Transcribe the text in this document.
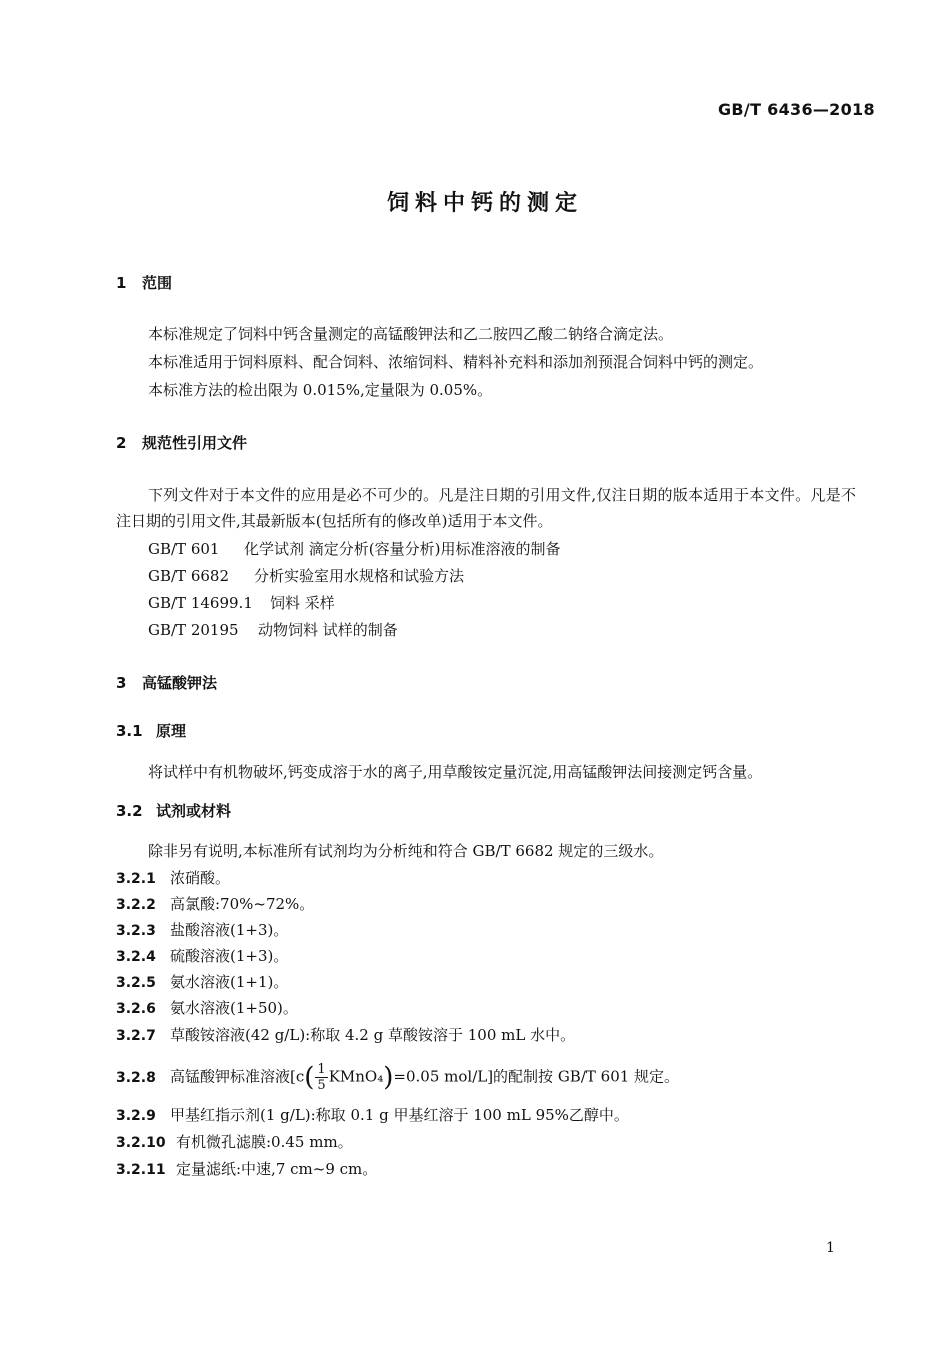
GB/T 6436—2018
饲料中钙的测定
1 范围
本标准规定了饲料中钙含量测定的高锰酸钾法和乙二胺四乙酸二钠络合滴定法。
本标准适用于饲料原料、配合饲料、浓缩饲料、精料补充料和添加剂预混合饲料中钙的测定。
本标准方法的检出限为 0.015%,定量限为 0.05%。
2 规范性引用文件
下列文件对于本文件的应用是必不可少的。凡是注日期的引用文件,仅注日期的版本适用于本文件。凡是不注日期的引用文件,其最新版本(包括所有的修改单)适用于本文件。
GB/T 601 化学试剂 滴定分析(容量分析)用标准溶液的制备
GB/T 6682 分析实验室用水规格和试验方法
GB/T 14699.1 饲料 采样
GB/T 20195 动物饲料 试样的制备
3 高锰酸钾法
3.1 原理
将试样中有机物破坏,钙变成溶于水的离子,用草酸铵定量沉淀,用高锰酸钾法间接测定钙含量。
3.2 试剂或材料
除非另有说明,本标准所有试剂均为分析纯和符合 GB/T 6682 规定的三级水。
3.2.1 浓硝酸。
3.2.2 高氯酸:70%~72%。
3.2.3 盐酸溶液(1+3)。
3.2.4 硫酸溶液(1+3)。
3.2.5 氨水溶液(1+1)。
3.2.6 氨水溶液(1+50)。
3.2.7 草酸铵溶液(42 g/L):称取 4.2 g 草酸铵溶于 100 mL 水中。
3.2.8 高锰酸钾标准溶液[$c( \frac{1}{5}$ KMnO₄)=0.05 mol/L]的配制按 GB/T 601 规定。
3.2.9 甲基红指示剂(1 g/L):称取 0.1 g 甲基红溶于 100 mL 95%乙醇中。
3.2.10 有机微孔滤膜:0.45 mm。
3.2.11 定量滤纸:中速,7 cm~9 cm。
1
